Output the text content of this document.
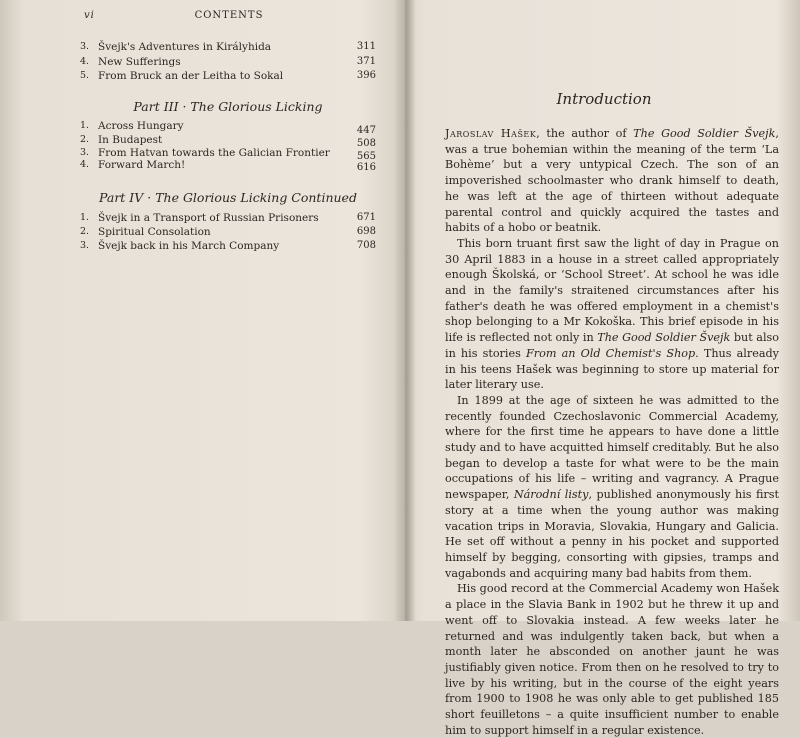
vi	CONTENTS
3. Švejk's Adventures in Királyhida	311
4. New Sufferings	371
5. From Bruck an der Leitha to Sokal	396
Part III · The Glorious Licking
1. Across Hungary	447
2. In Budapest	508
3. From Hatvan towards the Galician Frontier	565
4. Forward March!	616
Part IV · The Glorious Licking Continued
1. Švejk in a Transport of Russian Prisoners	671
2. Spiritual Consolation	698
3. Švejk back in his March Company	708
Introduction

Jaroslav Hašek, the author of The Good Soldier Švejk, was a true bohemian within the meaning of the term ‘La Bohème’ but a very untypical Czech. The son of an impoverished schoolmaster who drank himself to death, he was left at the age of thirteen without adequate parental control and quickly acquired the tastes and habits of a hobo or beatnik.

This born truant first saw the light of day in Prague on 30 April 1883 in a house in a street called appropriately enough Školská, or ‘School Street’. At school he was idle and in the family's straitened circumstances after his father's death he was offered employment in a chemist's shop belonging to a Mr Kokoška. This brief episode in his life is reflected not only in The Good Soldier Švejk but also in his stories From an Old Chemist's Shop. Thus already in his teens Hašek was beginning to store up material for later literary use.

In 1899 at the age of sixteen he was admitted to the recently founded Czechoslavonic Commercial Academy, where for the first time he appears to have done a little study and to have acquitted himself creditably. But he also began to develop a taste for what were to be the main occupations of his life – writing and vagrancy. A Prague newspaper, Národní listy, published anonymously his first story at a time when the young author was making vacation trips in Moravia, Slovakia, Hungary and Galicia. He set off without a penny in his pocket and supported himself by begging, consorting with gipsies, tramps and vagabonds and acquiring many bad habits from them.

His good record at the Commercial Academy won Hašek a place in the Slavia Bank in 1902 but he threw it up and went off to Slovakia instead. A few weeks later he returned and was indulgently taken back, but when a month later he absconded on another jaunt he was justifiably given notice. From then on he resolved to try to live by his writing, but in the course of the eight years from 1900 to 1908 he was only able to get published 185 short feuilletons – a quite insufficient number to enable him to support himself in a regular existence.
